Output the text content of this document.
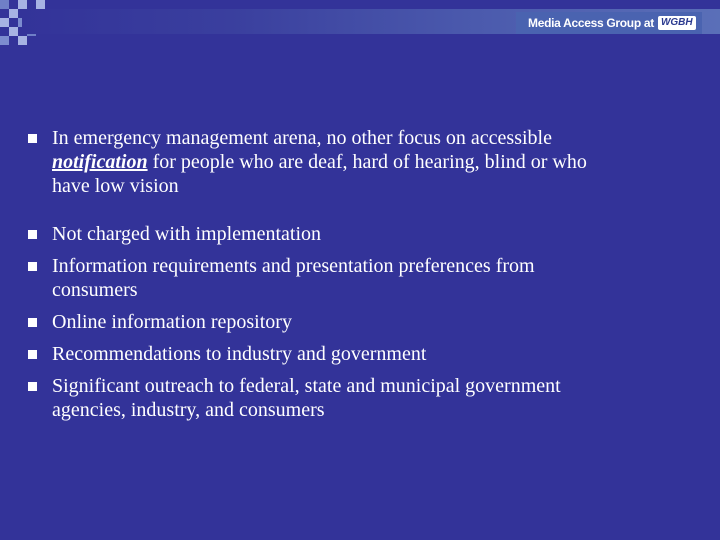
Media Access Group at WGBH
In emergency management arena, no other focus on accessible
notification for people who are deaf, hard of hearing, blind or who
have low vision
Not charged with implementation
Information requirements and presentation preferences from
consumers
Online information repository
Recommendations to industry and government
Significant outreach to federal, state and municipal government
agencies, industry, and consumers
